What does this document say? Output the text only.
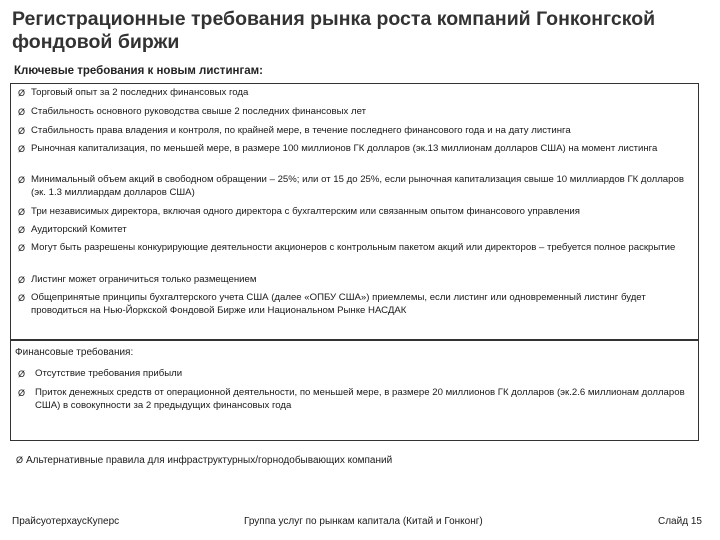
Регистрационные требования рынка роста компаний Гонконгской фондовой биржи
Ключевые требования к новым листингам:
Ø Торговый опыт за 2 последних финансовых года
Ø Стабильность основного руководства свыше 2 последних финансовых лет
Ø Стабильность права владения и контроля, по крайней мере, в течение последнего финансового года и на дату листинга
Ø Рыночная капитализация, по меньшей мере, в размере 100 миллионов ГК долларов (эк.13 миллионам долларов США) на момент листинга
Ø Минимальный объем акций в свободном обращении – 25%; или от 15 до 25%, если рыночная капитализация свыше 10 миллиардов ГК долларов (эк. 1.3 миллиардам долларов США)
Ø Три независимых директора, включая одного директора с бухгалтерским или связанным опытом финансового управления
Ø Аудиторский Комитет
Ø Могут быть разрешены конкурирующие деятельности акционеров с контрольным пакетом акций или директоров – требуется полное раскрытие
Ø Листинг может ограничиться только размещением
Ø Общепринятые принципы бухгалтерского учета США (далее «ОПБУ США») приемлемы, если листинг или одновременный листинг будет проводиться на Нью-Йоркской Фондовой Бирже или Национальном Рынке НАСДАК
Финансовые требования:
Ø Отсутствие требования прибыли
Ø Приток денежных средств от операционной деятельности, по меньшей мере, в размере 20 миллионов ГК долларов (эк.2.6 миллионам долларов США) в совокупности за 2 предыдущих финансовых года
Ø Альтернативные правила для инфраструктурных/горнодобывающих компаний
ПрайсуотерхаусКуперс	Группа услуг по рынкам капитала (Китай и Гонконг)	Слайд 15
